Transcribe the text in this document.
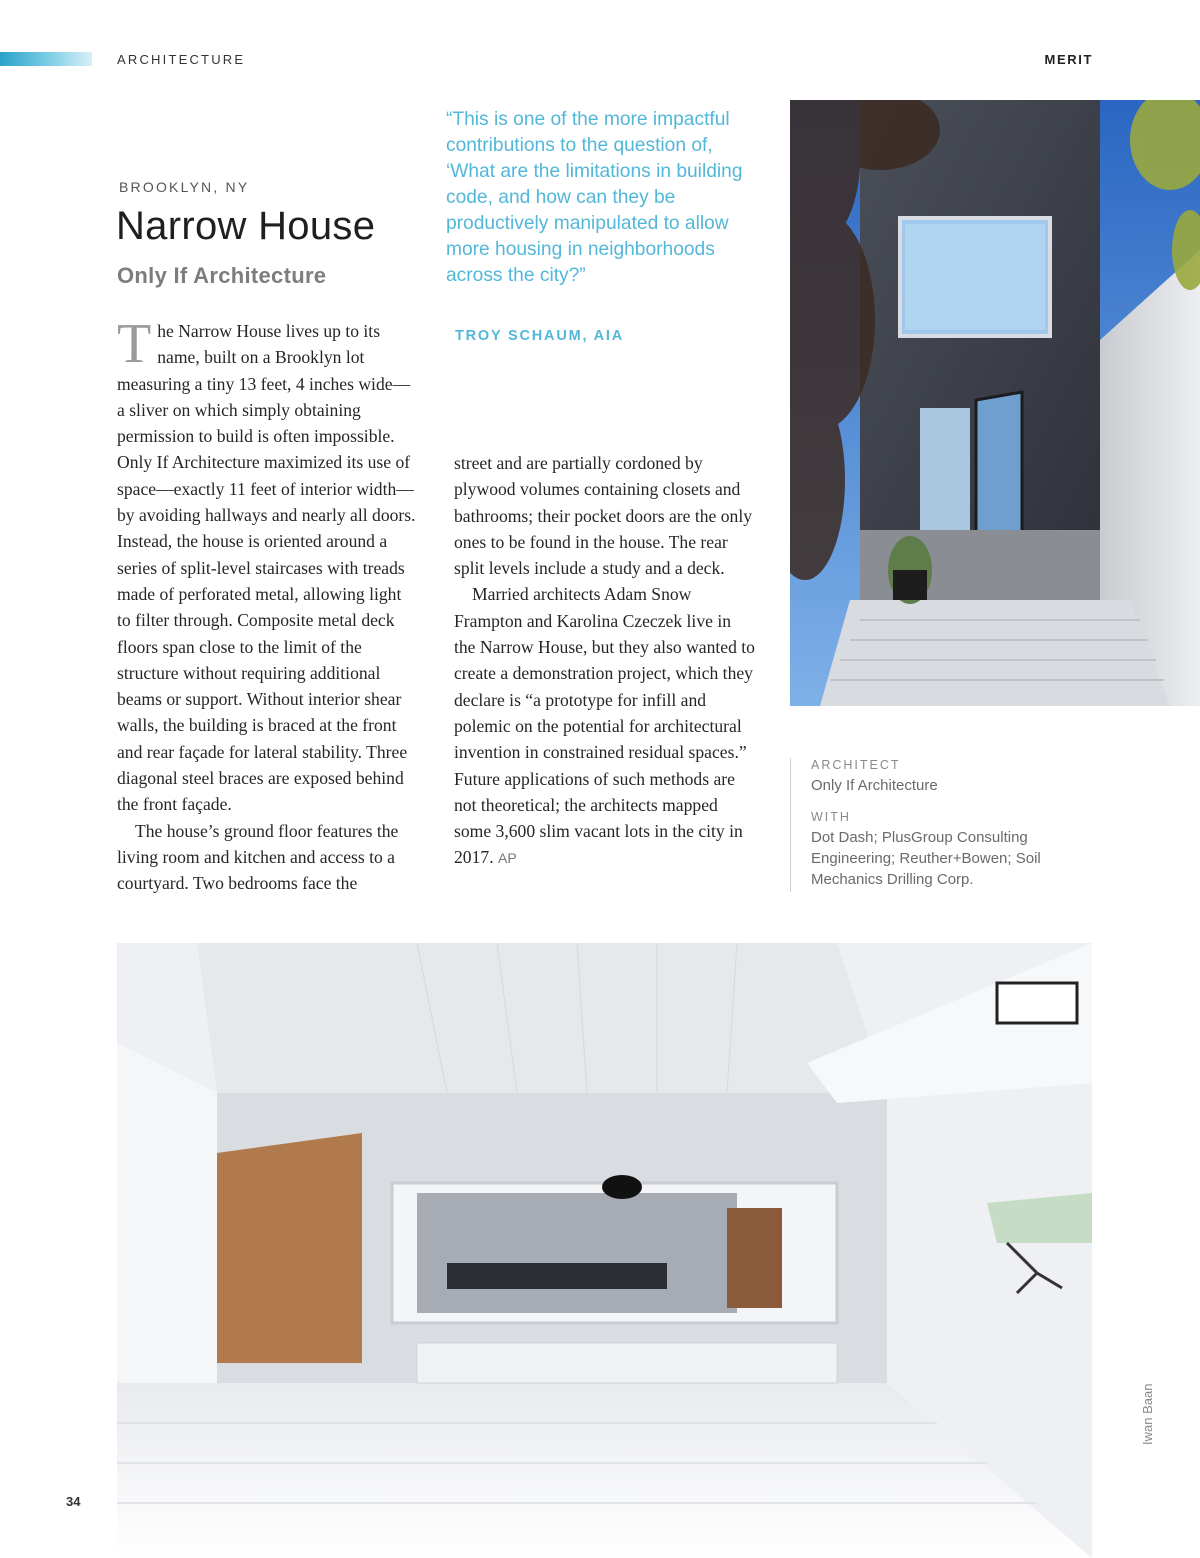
ARCHITECTURE	MERIT
BROOKLYN, NY
Narrow House
Only If Architecture

The Narrow House lives up to its name, built on a Brooklyn lot measuring a tiny 13 feet, 4 inches wide—a sliver on which simply obtaining permission to build is often impossible. Only If Architecture maximized its use of space—exactly 11 feet of interior width—by avoiding hallways and nearly all doors. Instead, the house is oriented around a series of split-level staircases with treads made of perforated metal, allowing light to filter through. Composite metal deck floors span close to the limit of the structure without requiring additional beams or support. Without interior shear walls, the building is braced at the front and rear façade for lateral stability. Three diagonal steel braces are exposed behind the front façade.

The house’s ground floor features the living room and kitchen and access to a courtyard. Two bedrooms face the

“This is one of the more impactful contributions to the question of, ‘What are the limitations in building code, and how can they be productively manipulated to allow more housing in neighborhoods across the city?”

TROY SCHAUM, AIA

street and are partially cordoned by plywood volumes containing closets and bathrooms; their pocket doors are the only ones to be found in the house. The rear split levels include a study and a deck.

Married architects Adam Snow Frampton and Karolina Czeczek live in the Narrow House, but they also wanted to create a demonstration project, which they declare is “a prototype for infill and polemic on the potential for architectural invention in constrained residual spaces.” Future applications of such methods are not theoretical; the architects mapped some 3,600 slim vacant lots in the city in 2017. AP

ARCHITECT

Only If Architecture

WITH

Dot Dash; PlusGroup Consulting Engineering; Reuther+Bowen; Soil Mechanics Drilling Corp.

Iwan Baan
34
